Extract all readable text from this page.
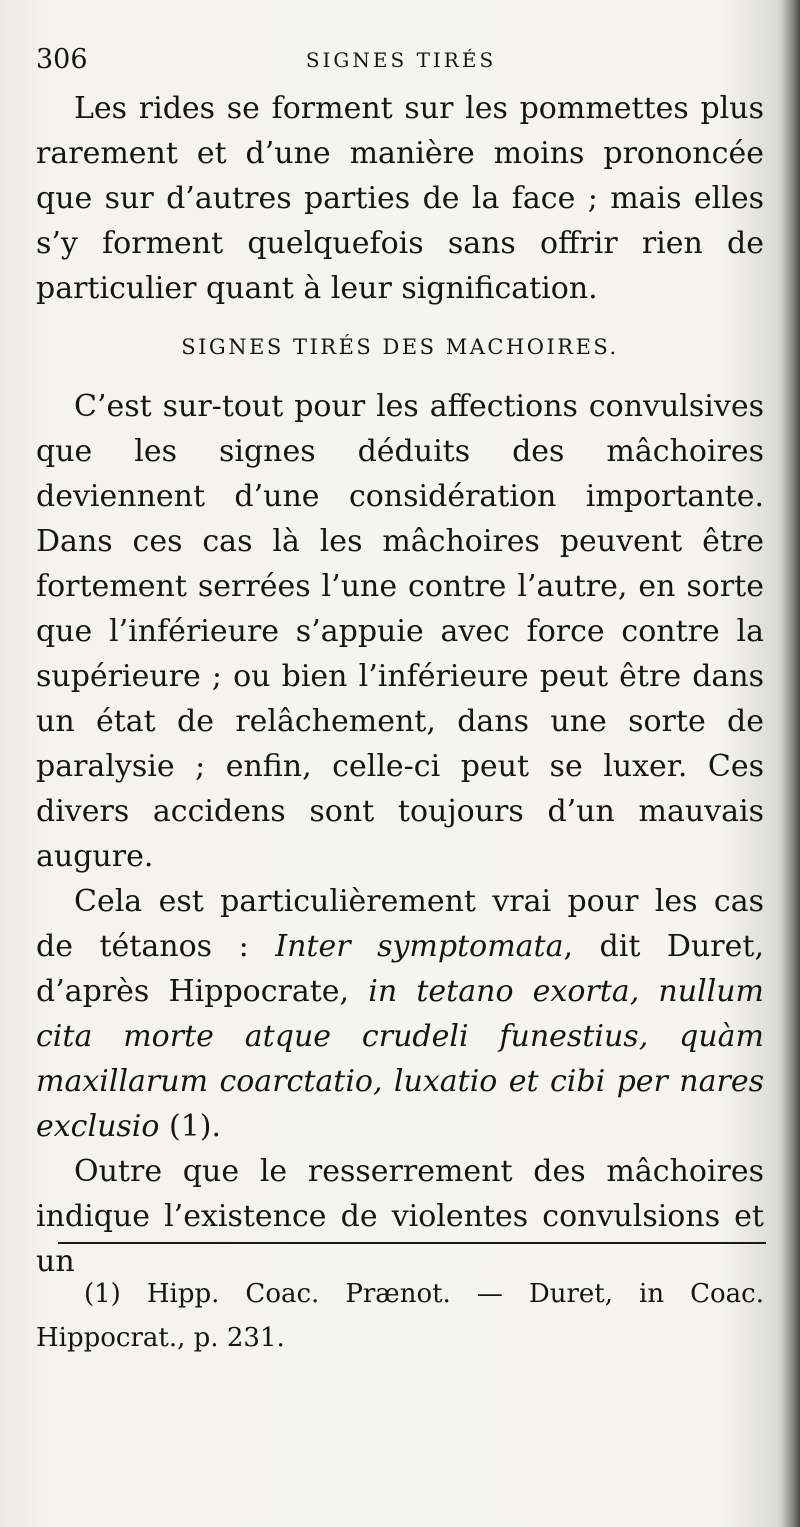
306	SIGNES TIRÉS

Les rides se forment sur les pommettes plus rarement et d’une manière moins prononcée que sur d’autres parties de la face ; mais elles s’y forment quelquefois sans offrir rien de particulier quant à leur signification.

SIGNES TIRÉS DES MACHOIRES.

C’est sur-tout pour les affections convulsives que les signes déduits des mâchoires deviennent d’une considération importante. Dans ces cas là les mâchoires peuvent être fortement serrées l’une contre l’autre, en sorte que l’inférieure s’appuie avec force contre la supérieure ; ou bien l’inférieure peut être dans un état de relâchement, dans une sorte de paralysie ; enfin, celle-ci peut se luxer. Ces divers accidens sont toujours d’un mauvais augure.

Cela est particulièrement vrai pour les cas de tétanos : Inter symptomata, dit Duret, d’après Hippocrate, in tetano exorta, nullum cita morte atque crudeli funestius, quàm maxillarum coarctatio, luxatio et cibi per nares exclusio (1).

Outre que le resserrement des mâchoires indique l’existence de violentes convulsions et un

(1) Hipp. Coac. Prænot. — Duret, in Coac. Hippocrat., p. 231.
